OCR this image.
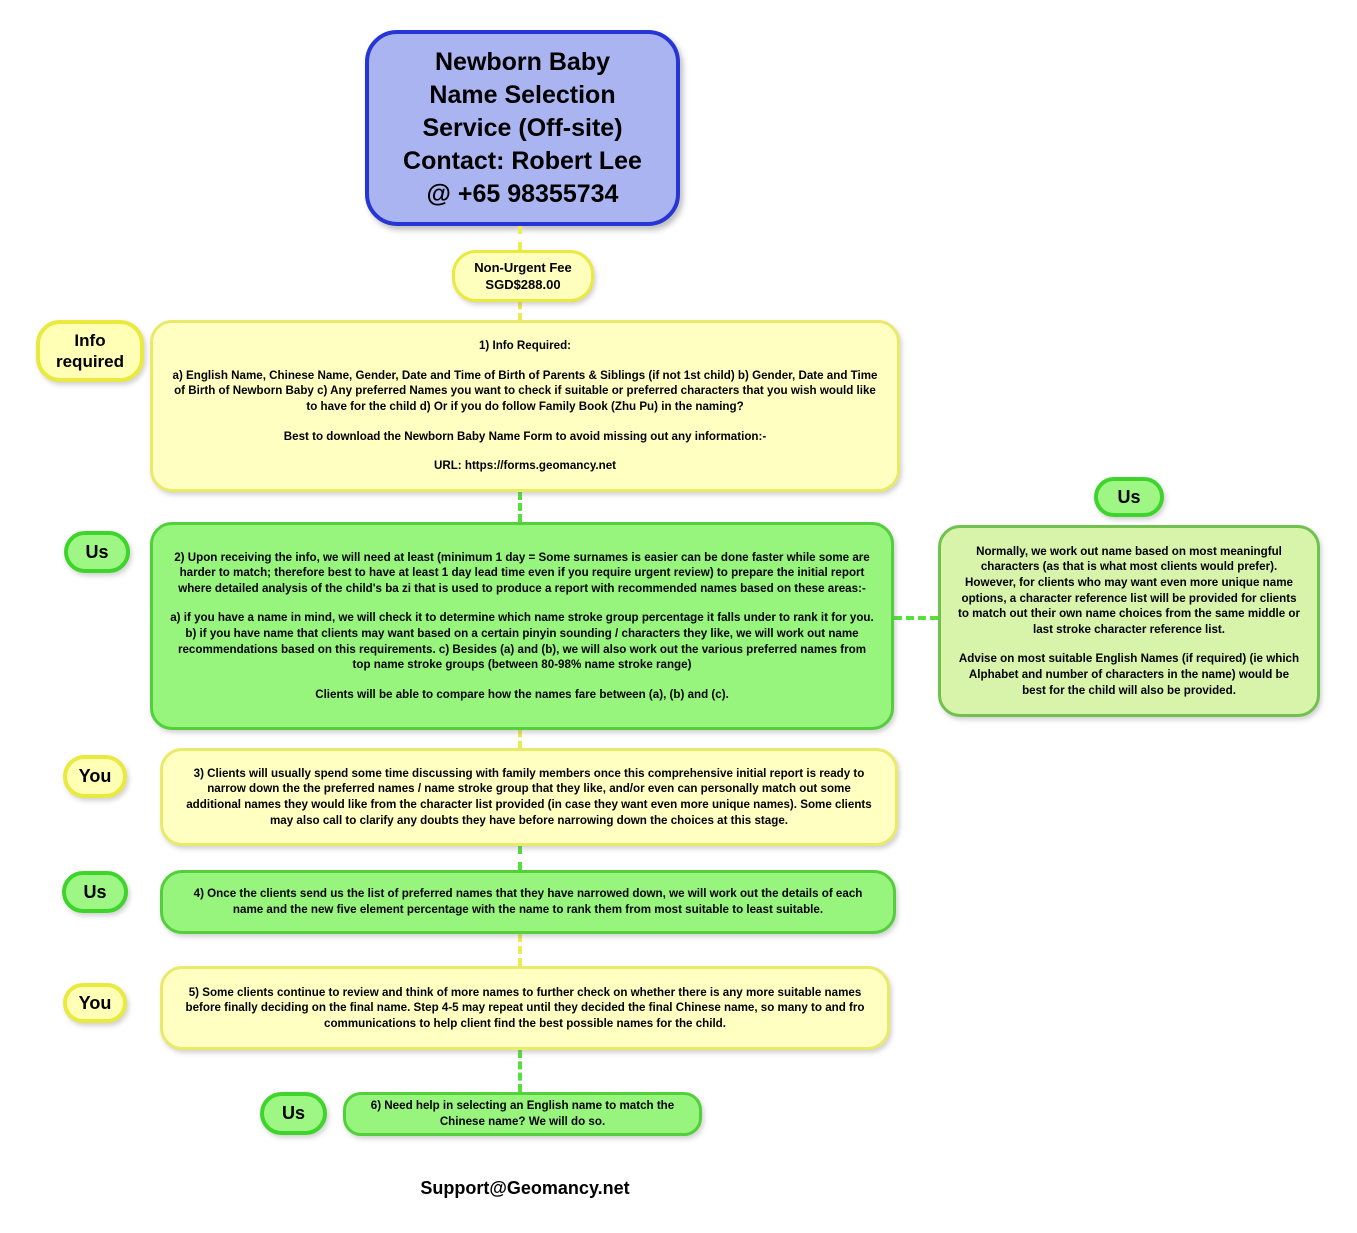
Newborn Baby
Name Selection
Service (Off-site)
Contact: Robert Lee
@ +65 98355734
Non-Urgent Fee
SGD$288.00
Info
required
Us
You
Us
You
Us
Us

1) Info Required:

a) English Name, Chinese Name, Gender, Date and Time of Birth of Parents & Siblings (if not 1st child) b) Gender, Date and Time of Birth of Newborn Baby c) Any preferred Names you want to check if suitable or preferred characters that you wish would like to have for the child d) Or if you do follow Family Book (Zhu Pu) in the naming?

Best to download the Newborn Baby Name Form to avoid missing out any information:-

URL: https://forms.geomancy.net

2) Upon receiving the info, we will need at least (minimum 1 day = Some surnames is easier can be done faster while some are harder to match; therefore best to have at least 1 day lead time even if you require urgent review) to prepare the initial report where detailed analysis of the child's ba zi that is used to produce a report with recommended names based on these areas:-

a) if you have a name in mind, we will check it to determine which name stroke group percentage it falls under to rank it for you. b) if you have name that clients may want based on a certain pinyin sounding / characters they like, we will work out name recommendations based on this requirements. c) Besides (a) and (b), we will also work out the various preferred names from top name stroke groups (between 80-98% name stroke range)

Clients will be able to compare how the names fare between (a), (b) and (c).

Normally, we work out name based on most meaningful characters (as that is what most clients would prefer). However, for clients who may want even more unique name options, a character reference list will be provided for clients to match out their own name choices from the same middle or last stroke character reference list.

Advise on most suitable English Names (if required) (ie which Alphabet and number of characters in the name) would be best for the child will also be provided.

3) Clients will usually spend some time discussing with family members once this comprehensive initial report is ready to narrow down the the preferred names / name stroke group that they like, and/or even can personally match out some additional names they would like from the character list provided (in case they want even more unique names). Some clients may also call to clarify any doubts they have before narrowing down the choices at this stage.

4) Once the clients send us the list of preferred names that they have narrowed down, we will work out the details of each name and the new five element percentage with the name to rank them from most suitable to least suitable.

5) Some clients continue to review and think of more names to further check on whether there is any more suitable names before finally deciding on the final name. Step 4-5 may repeat until they decided the final Chinese name, so many to and fro communications to help client find the best possible names for the child.

6) Need help in selecting an English name to match the Chinese name? We will do so.

Support@Geomancy.net
